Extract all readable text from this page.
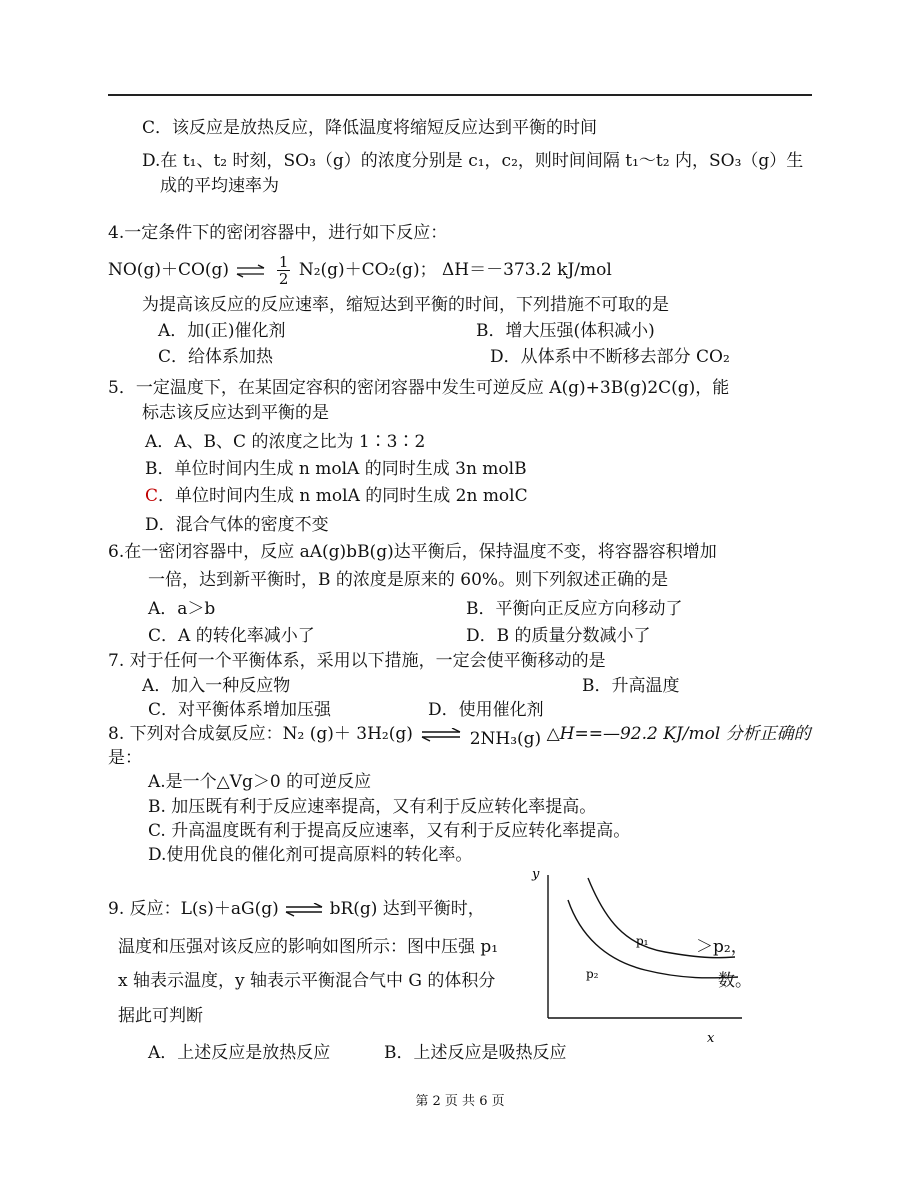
C．该反应是放热反应，降低温度将缩短反应达到平衡的时间
D.在 t₁、t₂ 时刻，SO₃（g）的浓度分别是 c₁，c₂，则时间间隔 t₁～t₂ 内，SO₃（g）生
成的平均速率为
4.一定条件下的密闭容器中，进行如下反应：
NO(g)＋CO(g) ⇌ $\frac{1}{2} N_2(g)+CO_2(g)$； ΔH＝－373.2 kJ/mol
为提高该反应的反应速率，缩短达到平衡的时间，下列措施不可取的是
A．加(正)催化剂	B．增大压强(体积减小)
C．给体系加热	D．从体系中不断移去部分 CO₂
5．一定温度下，在某固定容积的密闭容器中发生可逆反应 A(g)+3B(g)2C(g)，能
标志该反应达到平衡的是
A．A、B、C 的浓度之比为 1∶3∶2
B．单位时间内生成 n molA 的同时生成 3n molB
C．单位时间内生成 n molA 的同时生成 2n molC
D．混合气体的密度不变
6.在一密闭容器中，反应 aA(g)bB(g)达平衡后，保持温度不变，将容器容积增加
一倍，达到新平衡时，B 的浓度是原来的 60%。则下列叙述正确的是
A．a＞b	B．平衡向正反应方向移动了
C．A 的转化率减小了	D．B 的质量分数减小了
7. 对于任何一个平衡体系，采用以下措施，一定会使平衡移动的是
A．加入一种反应物	B．升高温度
C．对平衡体系增加压强	D．使用催化剂
8. 下列对合成氨反应：N₂ (g)＋ 3H₂(g) ⇌ 2NH₃(g) △H==—92.2 KJ/mol 分析正确的
是：
A.是一个△Vg＞0 的可逆反应
B. 加压既有利于反应速率提高，又有利于反应转化率提高。
C. 升高温度既有利于提高反应速率，又有利于反应转化率提高。
D.使用优良的催化剂可提高原料的转化率。
9. 反应：L(s)＋aG(g) ⇌ bR(g) 达到平衡时，
温度和压强对该反应的影响如图所示：图中压强 p₁	＞p₂，
x 轴表示温度，y 轴表示平衡混合气中 G 的体积分	数。
据此可判断
A．上述反应是放热反应	B．上述反应是吸热反应
y
x
p₁
p₂
第 2 页 共 6 页
